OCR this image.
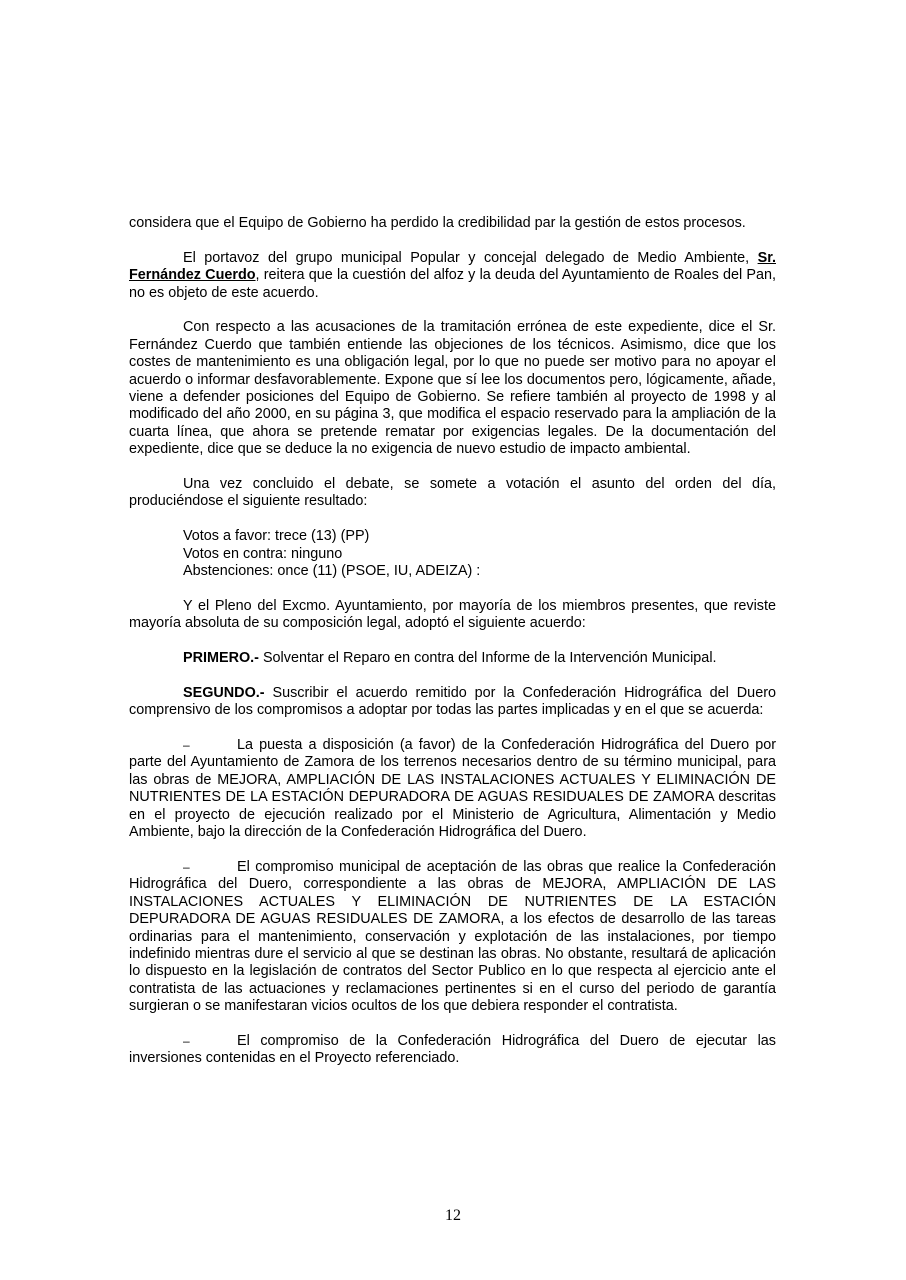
considera que el Equipo de Gobierno ha perdido la credibilidad par la gestión de estos procesos.

El portavoz del grupo municipal Popular y concejal delegado de Medio Ambiente, Sr. Fernández Cuerdo, reitera que la cuestión del alfoz y la deuda del Ayuntamiento de Roales del Pan, no es objeto de este acuerdo.

Con respecto a las acusaciones de la tramitación errónea de este expediente, dice el Sr. Fernández Cuerdo que también entiende las objeciones de los técnicos. Asimismo, dice que los costes de mantenimiento es una obligación legal, por lo que no puede ser motivo para no apoyar el acuerdo o informar desfavorablemente. Expone que sí lee los documentos pero, lógicamente, añade, viene a defender posiciones del Equipo de Gobierno. Se refiere también al proyecto de 1998 y al modificado del año 2000, en su página 3, que modifica el espacio reservado para la ampliación de la cuarta línea, que ahora se pretende rematar por exigencias legales. De la documentación del expediente, dice que se deduce la no exigencia de nuevo estudio de impacto ambiental.

Una vez concluido el debate, se somete a votación el asunto del orden del día, produciéndose el siguiente resultado:

Votos a favor: trece (13) (PP)
Votos en contra: ninguno
Abstenciones: once (11) (PSOE, IU, ADEIZA) :

Y el Pleno del Excmo. Ayuntamiento, por mayoría de los miembros presentes, que reviste mayoría absoluta de su composición legal, adoptó el siguiente acuerdo:

PRIMERO.- Solventar el Reparo en contra del Informe de la Intervención Municipal.

SEGUNDO.- Suscribir el acuerdo remitido por la Confederación Hidrográfica del Duero comprensivo de los compromisos a adoptar por todas las partes implicadas y en el que se acuerda:

–	La puesta a disposición (a favor) de la Confederación Hidrográfica del Duero por parte del Ayuntamiento de Zamora de los terrenos necesarios dentro de su término municipal, para las obras de MEJORA, AMPLIACIÓN DE LAS INSTALACIONES ACTUALES Y ELIMINACIÓN DE NUTRIENTES DE LA ESTACIÓN DEPURADORA DE AGUAS RESIDUALES DE ZAMORA descritas en el proyecto de ejecución realizado por el Ministerio de Agricultura, Alimentación y Medio Ambiente, bajo la dirección de la Confederación Hidrográfica del Duero.

–	El compromiso municipal de aceptación de las obras que realice la Confederación Hidrográfica del Duero, correspondiente a las obras de MEJORA, AMPLIACIÓN DE LAS INSTALACIONES ACTUALES Y ELIMINACIÓN DE NUTRIENTES DE LA ESTACIÓN DEPURADORA DE AGUAS RESIDUALES DE ZAMORA, a los efectos de desarrollo de las tareas ordinarias para el mantenimiento, conservación y explotación de las instalaciones, por tiempo indefinido mientras dure el servicio al que se destinan las obras. No obstante, resultará de aplicación lo dispuesto en la legislación de contratos del Sector Publico en lo que respecta al ejercicio ante el contratista de las actuaciones y reclamaciones pertinentes si en el curso del periodo de garantía surgieran o se manifestaran vicios ocultos de los que debiera responder el contratista.

–	El compromiso de la Confederación Hidrográfica del Duero de ejecutar las inversiones contenidas en el Proyecto referenciado.

12
